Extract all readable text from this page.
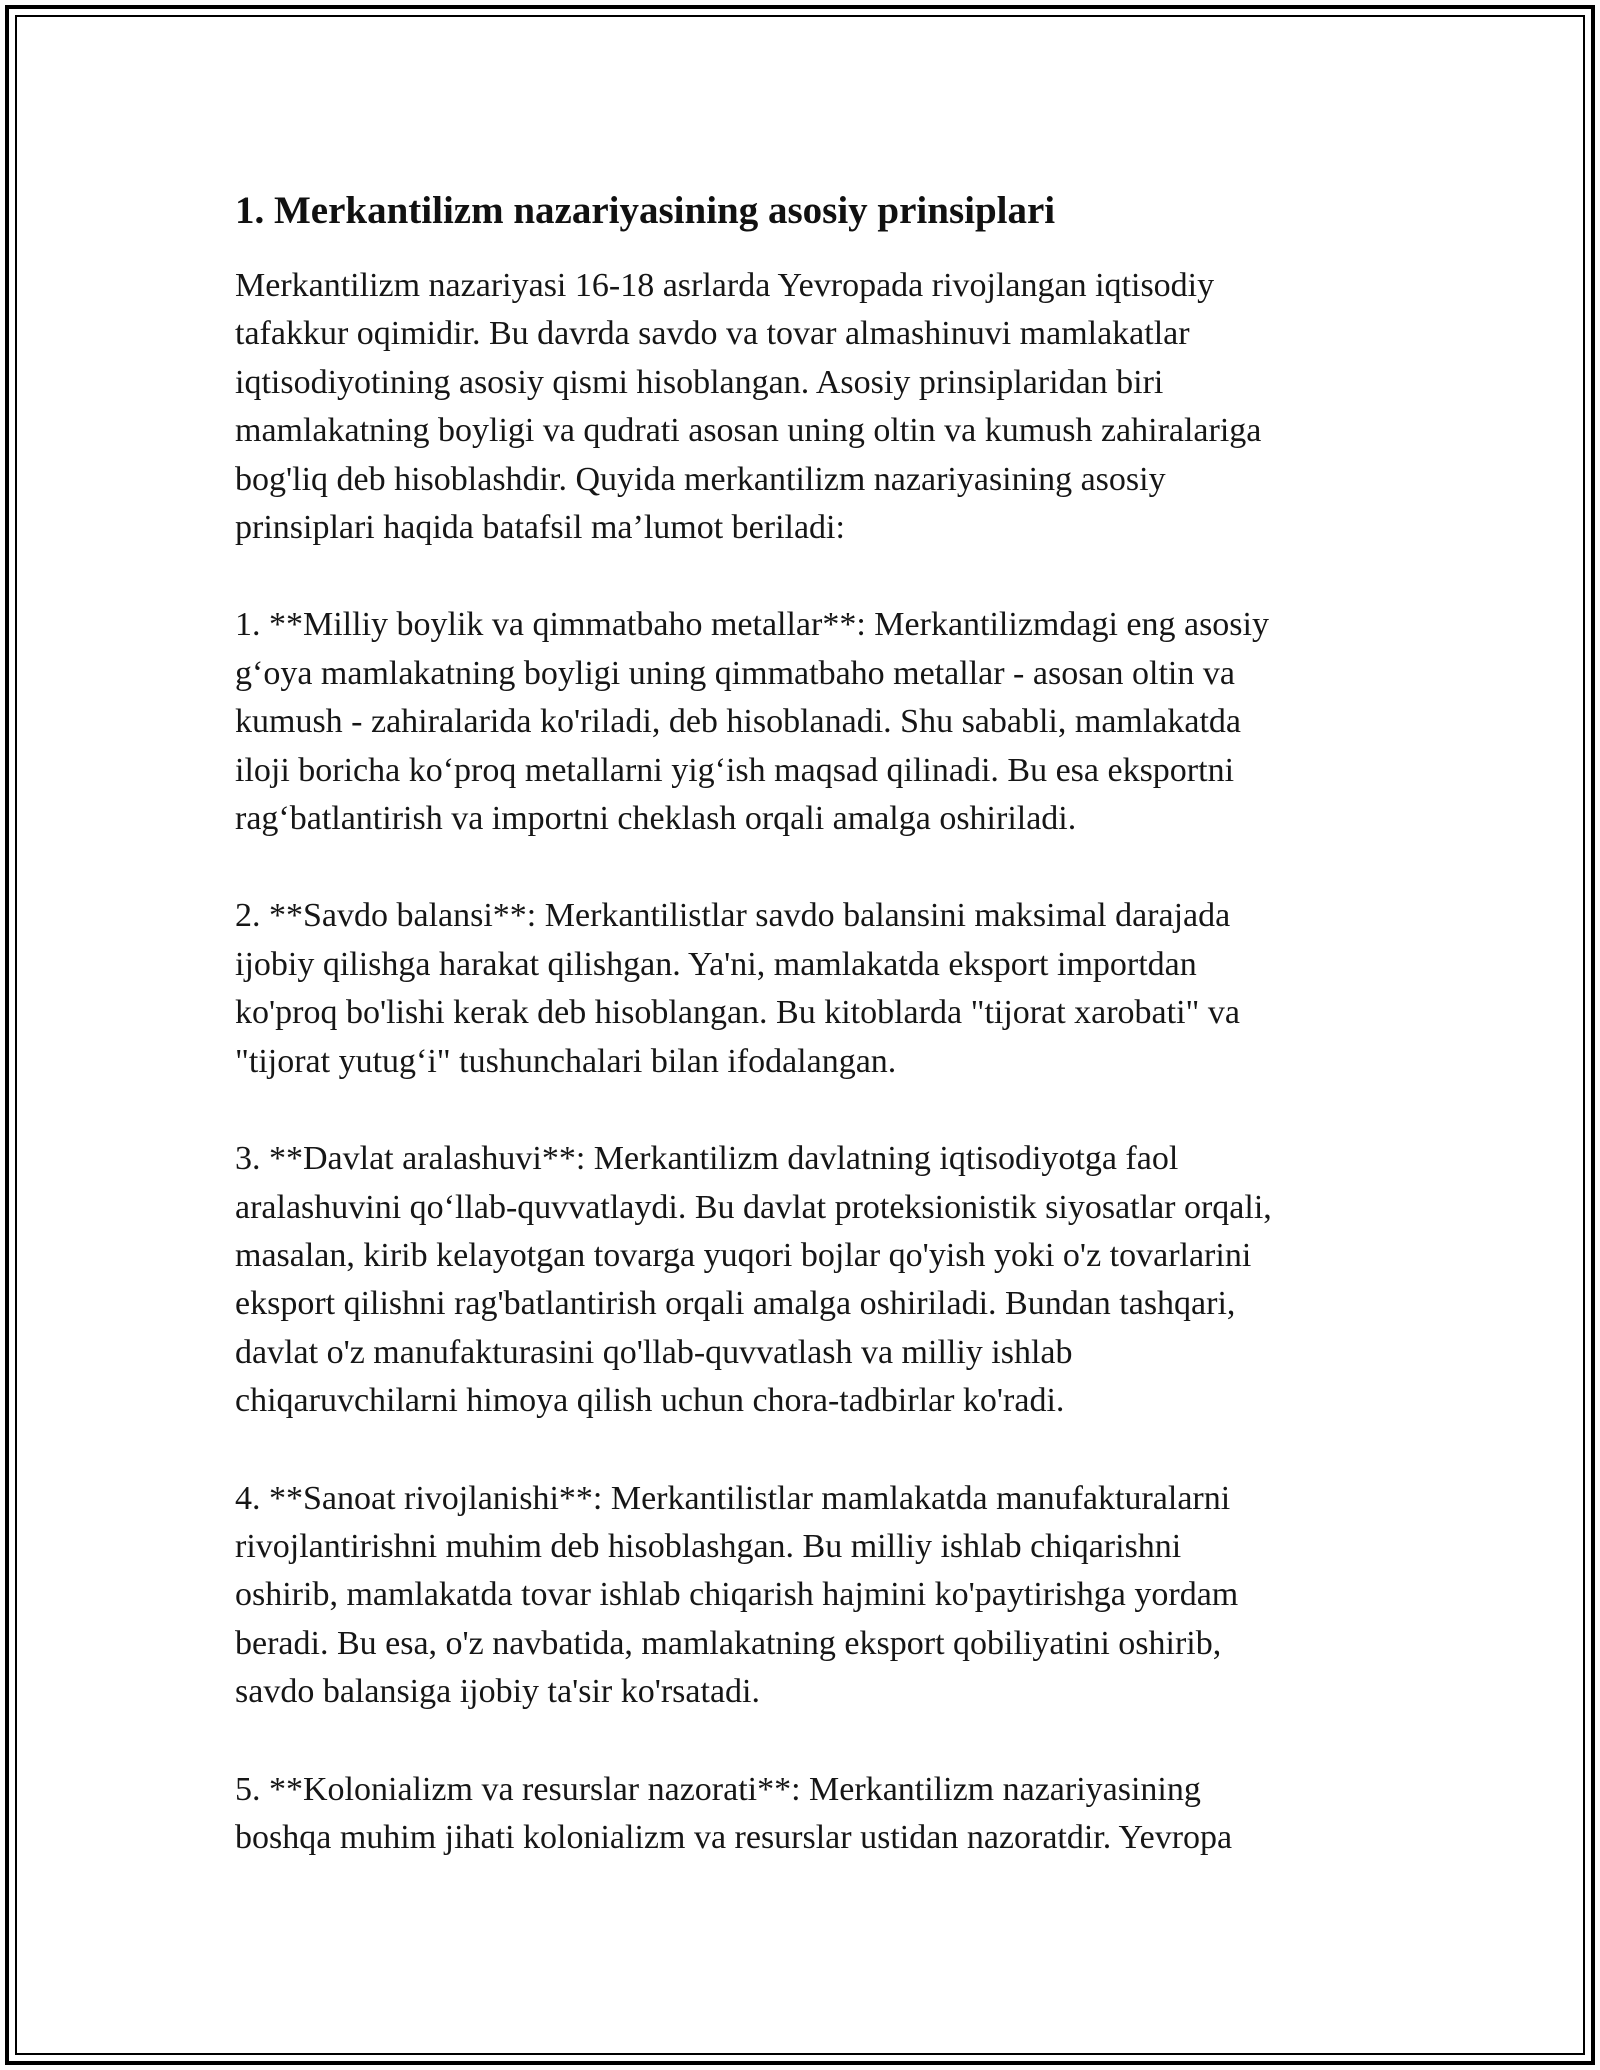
1. Merkantilizm nazariyasining asosiy prinsiplari

Merkantilizm nazariyasi 16-18 asrlarda Yevropada rivojlangan iqtisodiy
tafakkur oqimidir. Bu davrda savdo va tovar almashinuvi mamlakatlar
iqtisodiyotining asosiy qismi hisoblangan. Asosiy prinsiplaridan biri
mamlakatning boyligi va qudrati asosan uning oltin va kumush zahiralariga
bog'liq deb hisoblashdir. Quyida merkantilizm nazariyasining asosiy
prinsiplari haqida batafsil ma’lumot beriladi:

1. **Milliy boylik va qimmatbaho metallar**: Merkantilizmdagi eng asosiy
g‘oya mamlakatning boyligi uning qimmatbaho metallar - asosan oltin va
kumush - zahiralarida ko'riladi, deb hisoblanadi. Shu sababli, mamlakatda
iloji boricha ko‘proq metallarni yig‘ish maqsad qilinadi. Bu esa eksportni
rag‘batlantirish va importni cheklash orqali amalga oshiriladi.

2. **Savdo balansi**: Merkantilistlar savdo balansini maksimal darajada
ijobiy qilishga harakat qilishgan. Ya'ni, mamlakatda eksport importdan
ko'proq bo'lishi kerak deb hisoblangan. Bu kitoblarda "tijorat xarobati" va
"tijorat yutug‘i" tushunchalari bilan ifodalangan.

3. **Davlat aralashuvi**: Merkantilizm davlatning iqtisodiyotga faol
aralashuvini qo‘llab-quvvatlaydi. Bu davlat proteksionistik siyosatlar orqali,
masalan, kirib kelayotgan tovarga yuqori bojlar qo'yish yoki o'z tovarlarini
eksport qilishni rag'batlantirish orqali amalga oshiriladi. Bundan tashqari,
davlat o'z manufakturasini qo'llab-quvvatlash va milliy ishlab
chiqaruvchilarni himoya qilish uchun chora-tadbirlar ko'radi.

4. **Sanoat rivojlanishi**: Merkantilistlar mamlakatda manufakturalarni
rivojlantirishni muhim deb hisoblashgan. Bu milliy ishlab chiqarishni
oshirib, mamlakatda tovar ishlab chiqarish hajmini ko'paytirishga yordam
beradi. Bu esa, o'z navbatida, mamlakatning eksport qobiliyatini oshirib,
savdo balansiga ijobiy ta'sir ko'rsatadi.

5. **Kolonializm va resurslar nazorati**: Merkantilizm nazariyasining
boshqa muhim jihati kolonializm va resurslar ustidan nazoratdir. Yevropa
